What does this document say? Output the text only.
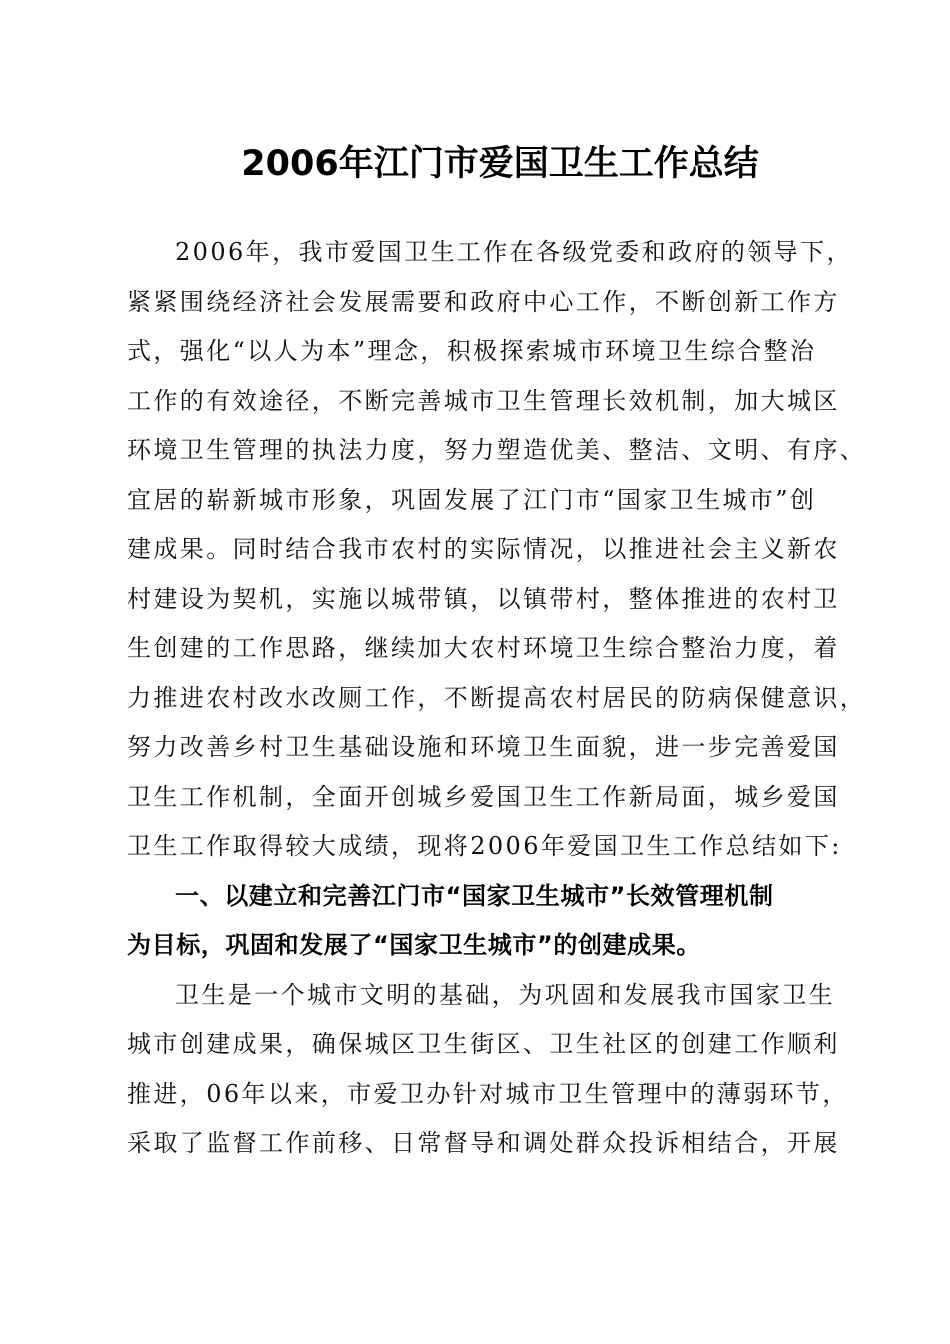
2006年江门市爱国卫生工作总结
2006年，我市爱国卫生工作在各级党委和政府的领导下，
紧紧围绕经济社会发展需要和政府中心工作，不断创新工作方
式，强化“以人为本”理念，积极探索城市环境卫生综合整治
工作的有效途径，不断完善城市卫生管理长效机制，加大城区
环境卫生管理的执法力度，努力塑造优美、整洁、文明、有序、
宜居的崭新城市形象，巩固发展了江门市“国家卫生城市”创
建成果。同时结合我市农村的实际情况，以推进社会主义新农
村建设为契机，实施以城带镇，以镇带村，整体推进的农村卫
生创建的工作思路，继续加大农村环境卫生综合整治力度，着
力推进农村改水改厕工作，不断提高农村居民的防病保健意识，
努力改善乡村卫生基础设施和环境卫生面貌，进一步完善爱国
卫生工作机制，全面开创城乡爱国卫生工作新局面，城乡爱国
卫生工作取得较大成绩，现将2006年爱国卫生工作总结如下:
一、以建立和完善江门市“国家卫生城市”长效管理机制
为目标，巩固和发展了“国家卫生城市”的创建成果。
卫生是一个城市文明的基础，为巩固和发展我市国家卫生
城市创建成果，确保城区卫生街区、卫生社区的创建工作顺利
推进，06年以来，市爱卫办针对城市卫生管理中的薄弱环节，
采取了监督工作前移、日常督导和调处群众投诉相结合，开展
